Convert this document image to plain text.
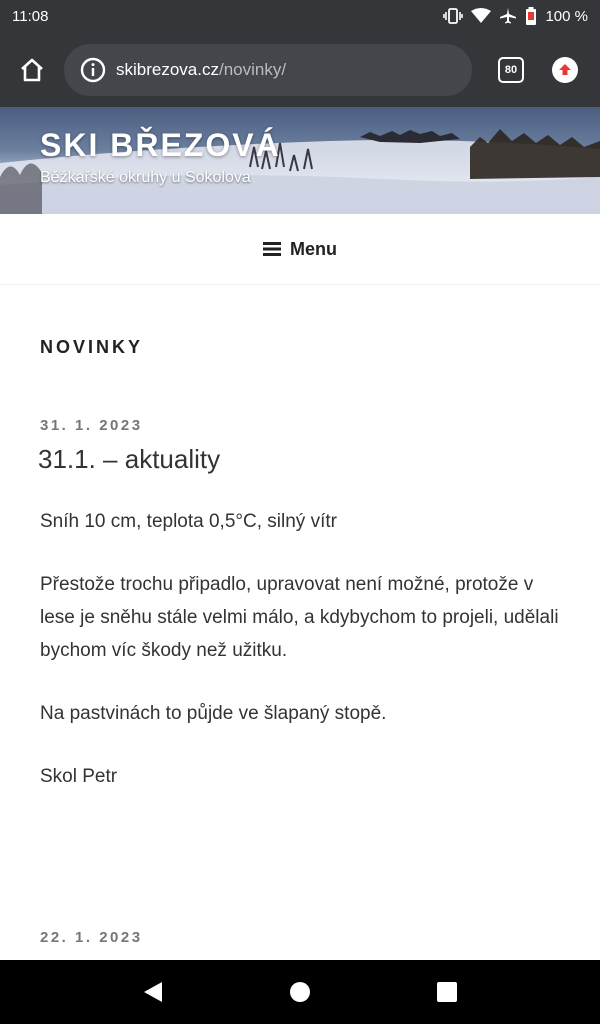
11:08	100 %
skibrezova.cz/novinky/	80
SKI BŘEZOVÁ
Běžkařské okruhy u Sokolova
Menu
NOVINKY
31. 1. 2023
31.1. – aktuality
Sníh 10 cm, teplota 0,5°C, silný vítr
Přestože trochu připadlo, upravovat není možné, protože v lese je sněhu stále velmi málo, a kdybychom to projeli, udělali bychom víc škody než užitku.
Na pastvinách to půjde ve šlapaný stopě.
Skol Petr
22. 1. 2023
